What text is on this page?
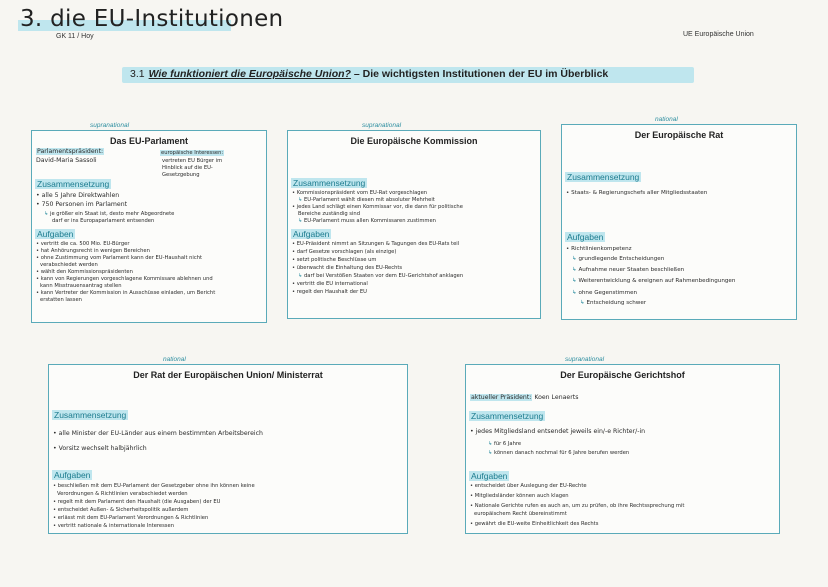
3. die EU-Institutionen
GK 11 / Hoy	UE Europäische Union
3.1 Wie funktioniert die Europäische Union? – Die wichtigsten Institutionen der EU im Überblick
supranational
Das EU-Parlament
Parlamentspräsident:
David-Maria Sassoli
europäische Interessen:
vertreten EU Bürger im
Hinblick auf die EU-
Gesetzgebung
Zusammensetzung
• alle 5 Jahre Direktwahlen
• 750 Personen im Parlament
↳ je größer ein Staat ist, desto mehr Abgeordnete
darf er ins Europaparlament entsenden
Aufgaben
• vertritt die ca. 500 Mio. EU-Bürger
• hat Anhörungsrecht in wenigen Bereichen
• ohne Zustimmung vom Parlament kann der EU-Haushalt nicht
verabschiedet werden
• wählt den Kommissionspräsidenten
• kann von Regierungen vorgeschlagene Kommissare ablehnen und
kann Misstrauensantrag stellen
• kann Vertreter der Kommission in Ausschüsse einladen, um Bericht
erstatten lassen
supranational
Die Europäische Kommission
Zusammensetzung
• Kommissionspräsident vom EU-Rat vorgeschlagen
↳ EU-Parlament wählt diesen mit absoluter Mehrheit
• jedes Land schlägt einen Kommissar vor, die dann für politische
Bereiche zuständig sind
↳ EU-Parlament muss allen Kommissaren zustimmen
Aufgaben
• EU-Präsident nimmt an Sitzungen & Tagungen des EU-Rats teil
• darf Gesetze vorschlagen (als einzige)
• setzt politische Beschlüsse um
• überwacht die Einhaltung des EU-Rechts
↳ darf bei Verstößen Staaten vor dem EU-Gerichtshof anklagen
• vertritt die EU international
• regelt den Haushalt der EU
national
Der Europäische Rat
Zusammensetzung
• Staats- & Regierungschefs aller Mitgliedsstaaten
Aufgaben
• Richtlinienkompetenz
↳ grundlegende Entscheidungen
↳ Aufnahme neuer Staaten beschließen
↳ Weiterentwicklung & ereignen auf Rahmenbedingungen
↳ ohne Gegenstimmen
↳ Entscheidung schwer
national
Der Rat der Europäischen Union/ Ministerrat
Zusammensetzung
• alle Minister der EU-Länder aus einem bestimmten Arbeitsbereich
• Vorsitz wechselt halbjährlich
Aufgaben
• beschließen mit dem EU-Parlament der Gesetzgeber ohne ihn können keine
Verordnungen & Richtlinien verabschiedet werden
• regelt mit dem Parlament den Haushalt (die Ausgaben) der EU
• entscheidet Außen- & Sicherheitspolitik außerdem
• erlässt mit dem EU-Parlament Verordnungen & Richtlinien
• vertritt nationale & internationale Interessen
supranational
Der Europäische Gerichtshof
aktueller Präsident: Koen Lenaerts
Zusammensetzung
• jedes Mitgliedsland entsendet jeweils ein/-e Richter/-in
↳ für 6 Jahre
↳ können danach nochmal für 6 Jahre berufen werden
Aufgaben
• entscheidet über Auslegung der EU-Rechte
• Mitgliedsländer können auch klagen
• Nationale Gerichte rufen es auch an, um zu prüfen, ob ihre Rechtssprechung mit
europäischem Recht übereinstimmt
• gewährt die EU-weite Einheitlichkeit des Rechts
